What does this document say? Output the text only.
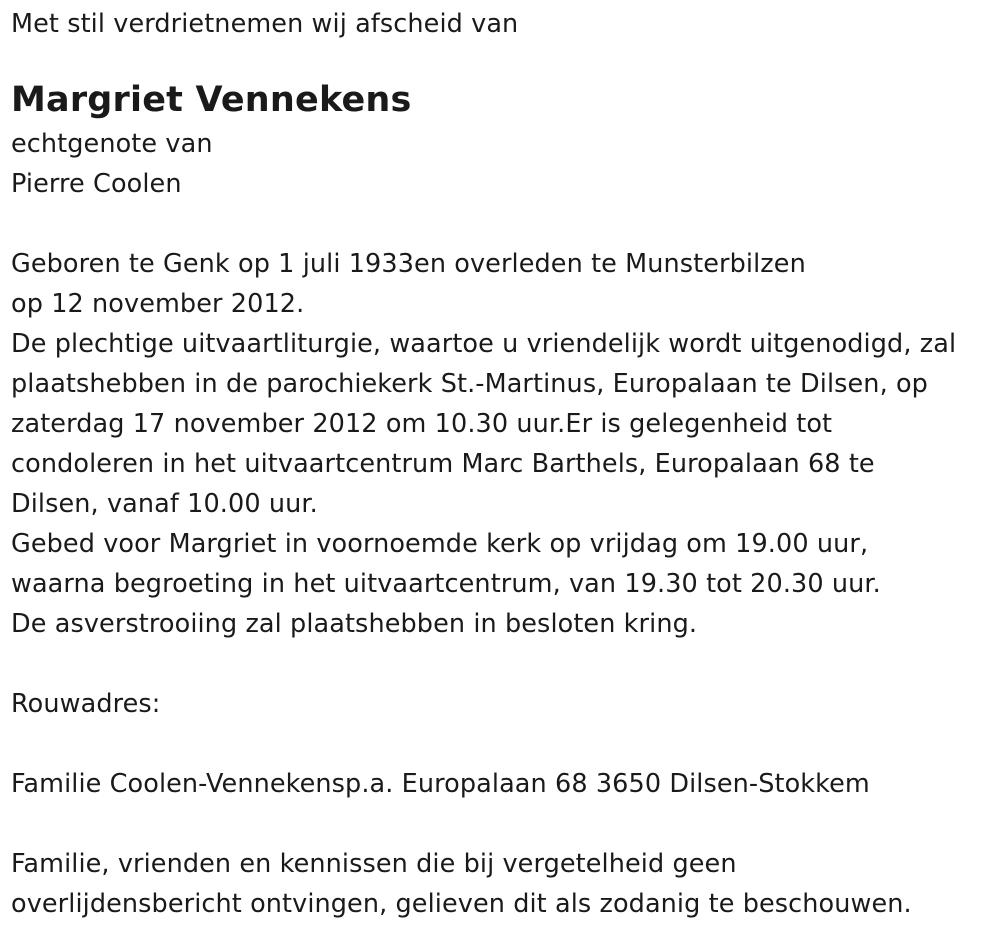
Met stil verdrietnemen wij afscheid van
Margriet Vennekens
echtgenote van
Pierre Coolen
Geboren te Genk op 1 juli 1933en overleden te Munsterbilzen
op 12 november 2012.
De plechtige uitvaartliturgie, waartoe u vriendelijk wordt uitgenodigd, zal
plaatshebben in de parochiekerk St.-Martinus, Europalaan te Dilsen, op
zaterdag 17 november 2012 om 10.30 uur.Er is gelegenheid tot
condoleren in het uitvaartcentrum Marc Barthels, Europalaan 68 te
Dilsen, vanaf 10.00 uur.
Gebed voor Margriet in voornoemde kerk op vrijdag om 19.00 uur,
waarna begroeting in het uitvaartcentrum, van 19.30 tot 20.30 uur.
De asverstrooiing zal plaatshebben in besloten kring.
Rouwadres:
Familie Coolen-Vennekensp.a. Europalaan 68 3650 Dilsen-Stokkem
Familie, vrienden en kennissen die bij vergetelheid geen
overlijdensbericht ontvingen, gelieven dit als zodanig te beschouwen.
